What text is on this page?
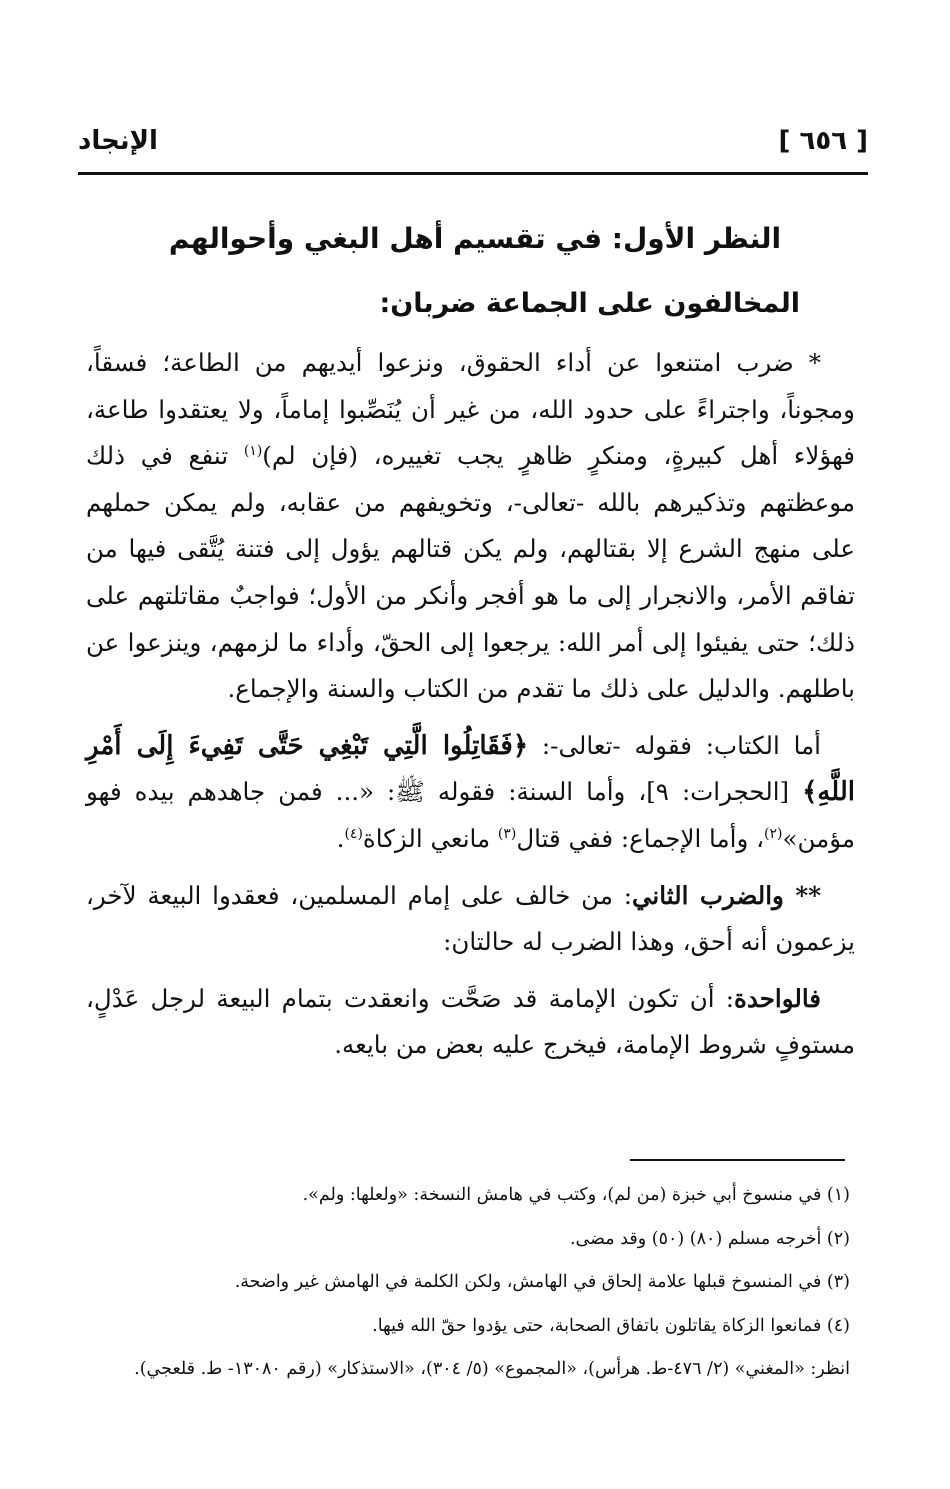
[ ٦٥٦ ]
الإنجاد
النظر الأول: في تقسيم أهل البغي وأحوالهم
المخالفون على الجماعة ضربان:

* ضرب امتنعوا عن أداء الحقوق، ونزعوا أيديهم من الطاعة؛ فسقاً، ومجوناً، واجتراءً على حدود الله، من غير أن يُنَصِّبوا إماماً، ولا يعتقدوا طاعة، فهؤلاء أهل كبيرةٍ، ومنكرٍ ظاهرٍ يجب تغييره، (فإن لم)$^{(١)}$ تنفع في ذلك موعظتهم وتذكيرهم بالله -تعالى-، وتخويفهم من عقابه، ولم يمكن حملهم على منهج الشرع إلا بقتالهم، ولم يكن قتالهم يؤول إلى فتنة يُتَّقى فيها من تفاقم الأمر، والانجرار إلى ما هو أفجر وأنكر من الأول؛ فواجبٌ مقاتلتهم على ذلك؛ حتى يفيئوا إلى أمر الله: يرجعوا إلى الحقّ، وأداء ما لزمهم، وينزعوا عن باطلهم. والدليل على ذلك ما تقدم من الكتاب والسنة والإجماع.

أما الكتاب: فقوله -تعالى-: ﴿فَقَاتِلُوا الَّتِي تَبْغِي حَتَّى تَفِيءَ إِلَى أَمْرِ اللَّهِ﴾ [الحجرات: ٩]، وأما السنة: فقوله ﷺ: «... فمن جاهدهم بيده فهو مؤمن»$^{(٢)}$، وأما الإجماع: ففي قتال$^{(٣)}$ مانعي الزكاة$^{(٤)}$.

** والضرب الثاني: من خالف على إمام المسلمين، فعقدوا البيعة لآخر، يزعمون أنه أحق، وهذا الضرب له حالتان:

فالواحدة: أن تكون الإمامة قد صَحَّت وانعقدت بتمام البيعة لرجل عَدْلٍ، مستوفٍ شروط الإمامة، فيخرج عليه بعض من بايعه.

(١) في منسوخ أبي خبزة (من لم)، وكتب في هامش النسخة: «ولعلها: ولم».
(٢) أخرجه مسلم (٨٠) (٥٠) وقد مضى.
(٣) في المنسوخ قبلها علامة إلحاق في الهامش، ولكن الكلمة في الهامش غير واضحة.
(٤) فمانعوا الزكاة يقاتلون باتفاق الصحابة، حتى يؤدوا حقّ الله فيها.
انظر: «المغني» (٢/ ٤٧٦-ط. هرأس)، «المجموع» (٥/ ٣٠٤)، «الاستذكار» (رقم ١٣٠٨٠- ط. قلعجي).
